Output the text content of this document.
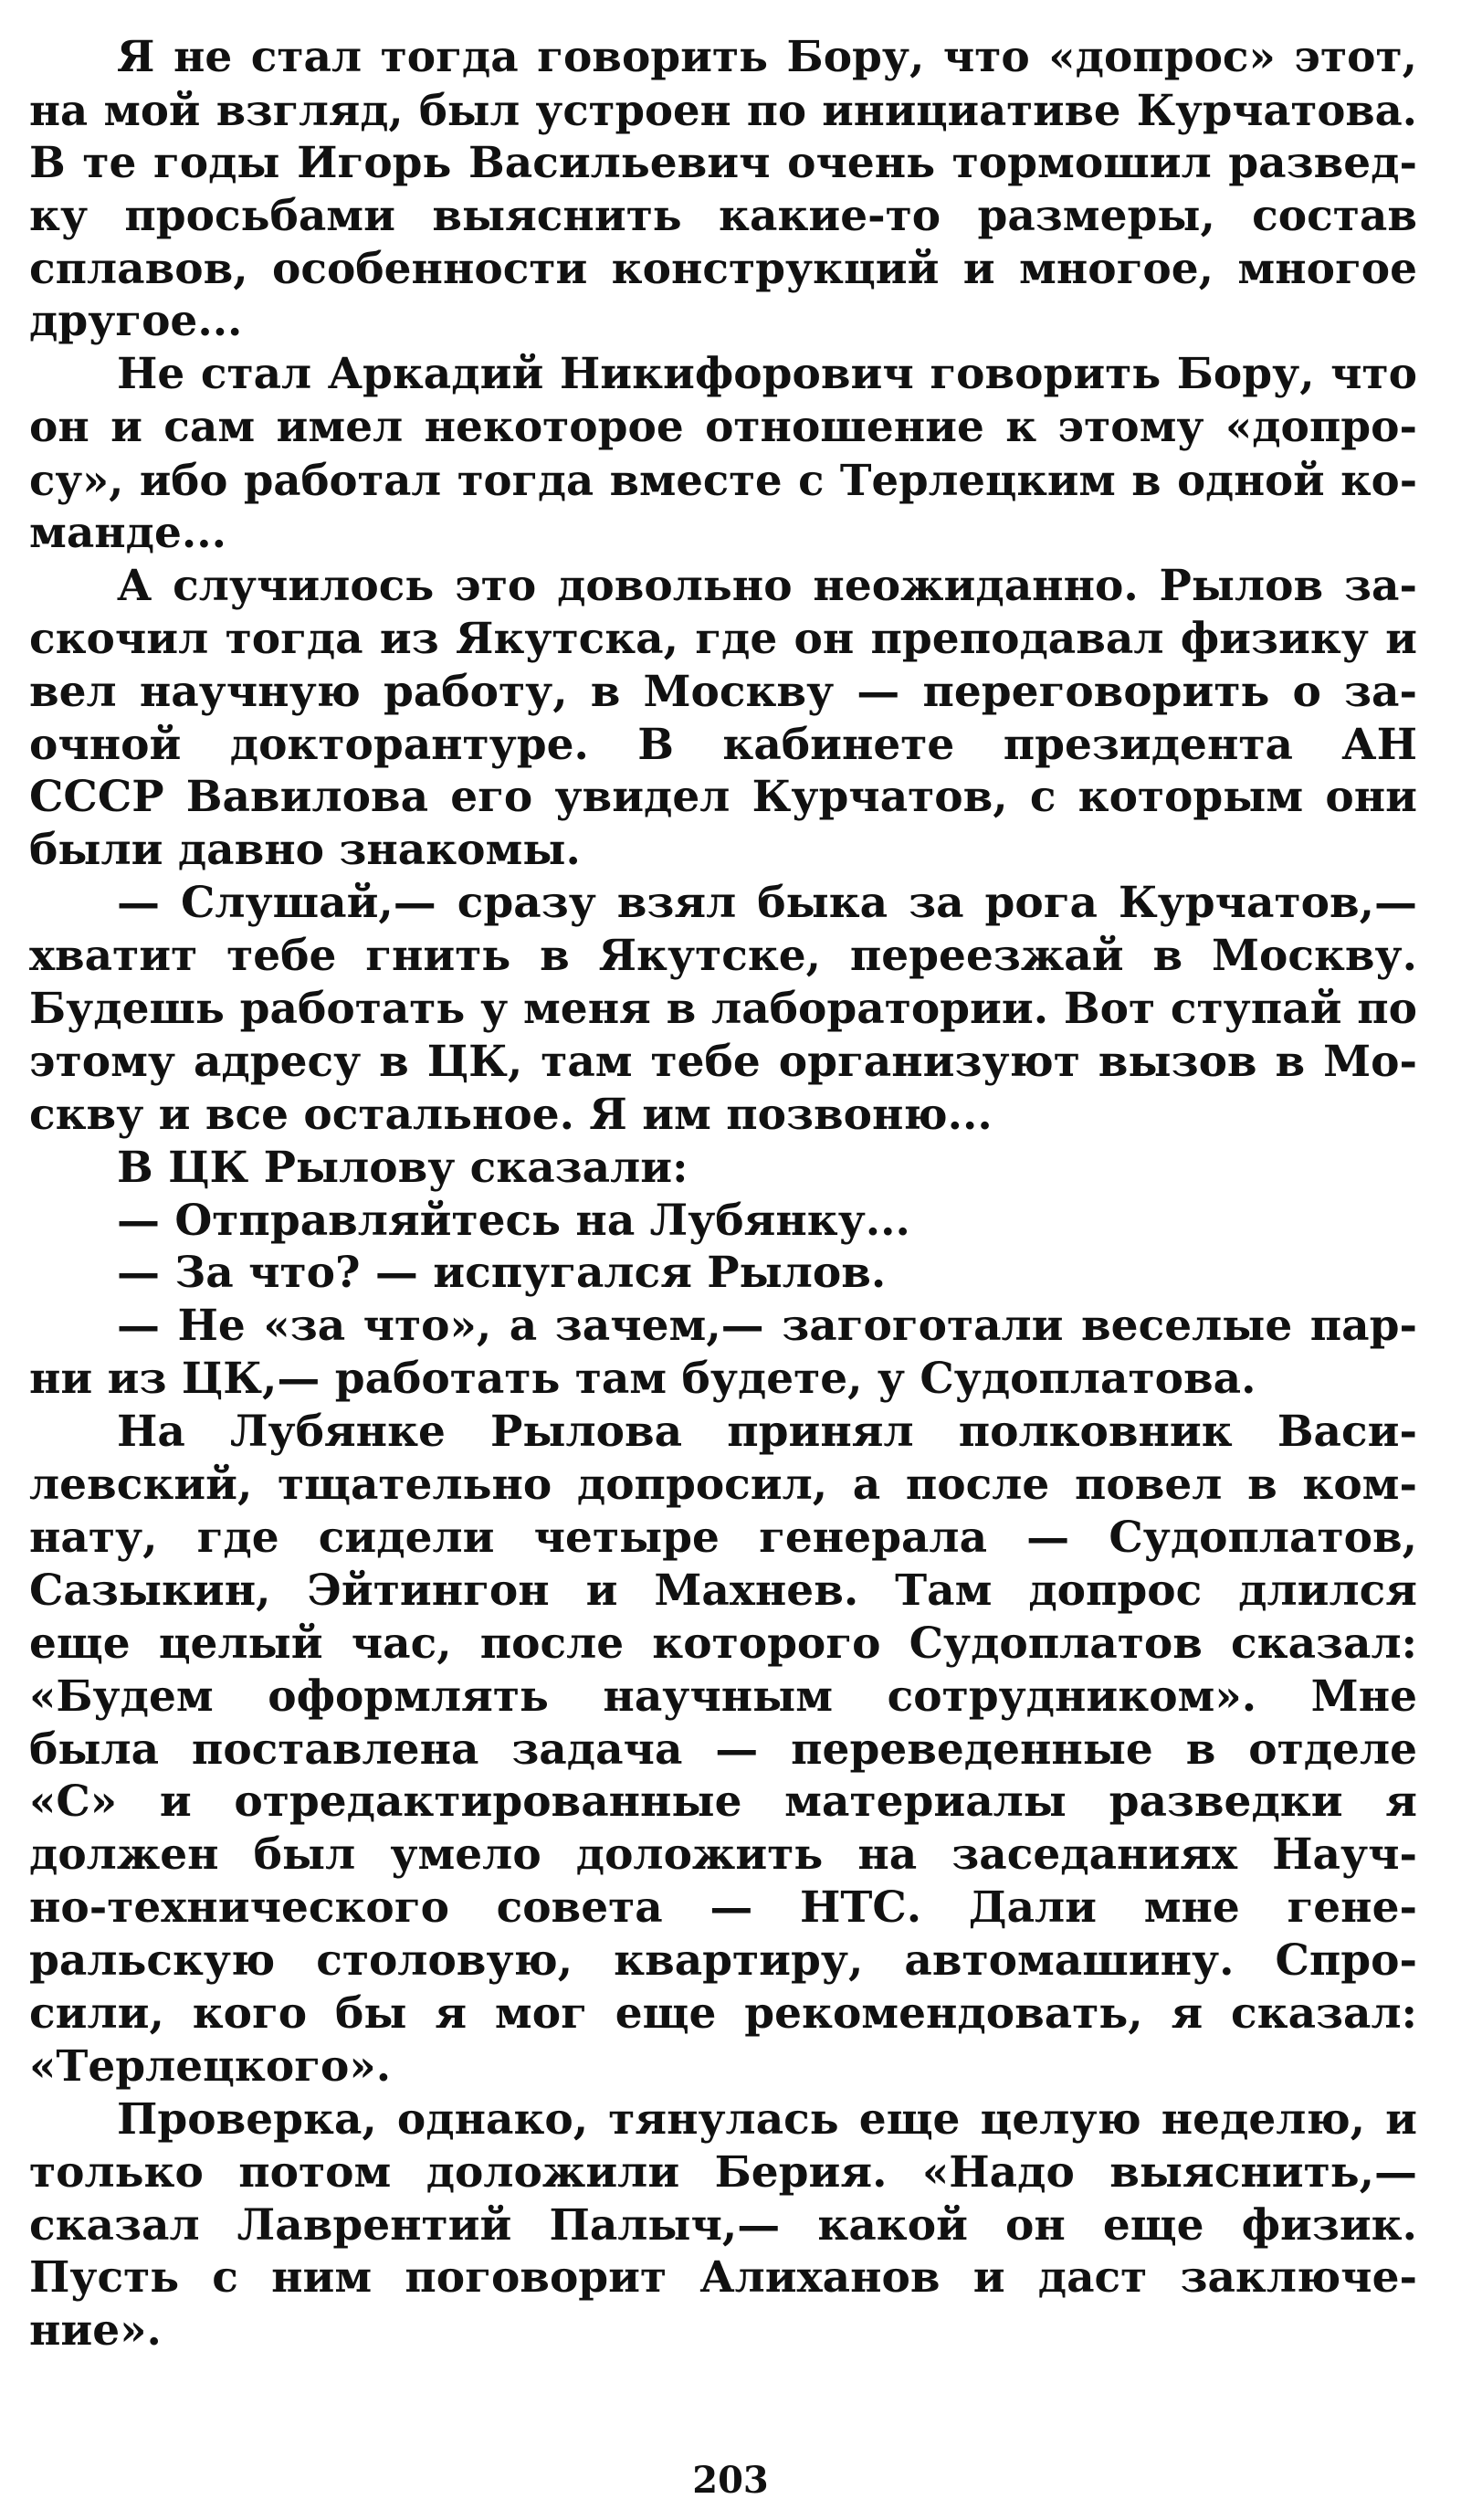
Я не стал тогда говорить Бору, что «допрос» этот,
на мой взгляд, был устроен по инициативе Курчатова.
В те годы Игорь Васильевич очень тормошил развед-
ку просьбами выяснить какие-то размеры, состав
сплавов, особенности конструкций и многое, многое
другое...
Не стал Аркадий Никифорович говорить Бору, что
он и сам имел некоторое отношение к этому «допро-
су», ибо работал тогда вместе с Терлецким в одной ко-
манде...
А случилось это довольно неожиданно. Рылов за-
скочил тогда из Якутска, где он преподавал физику и
вел научную работу, в Москву — переговорить о за-
очной докторантуре. В кабинете президента АН
СССР Вавилова его увидел Курчатов, с которым они
были давно знакомы.
— Слушай,— сразу взял быка за рога Курчатов,—
хватит тебе гнить в Якутске, переезжай в Москву.
Будешь работать у меня в лаборатории. Вот ступай по
этому адресу в ЦК, там тебе организуют вызов в Мо-
скву и все остальное. Я им позвоню...
В ЦК Рылову сказали:
— Отправляйтесь на Лубянку...
— За что? — испугался Рылов.
— Не «за что», а зачем,— загоготали веселые пар-
ни из ЦК,— работать там будете, у Судоплатова.
На Лубянке Рылова принял полковник Васи-
левский, тщательно допросил, а после повел в ком-
нату, где сидели четыре генерала — Судоплатов,
Сазыкин, Эйтингон и Махнев. Там допрос длился
еще целый час, после которого Судоплатов сказал:
«Будем оформлять научным сотрудником». Мне
была поставлена задача — переведенные в отделе
«С» и отредактированные материалы разведки я
должен был умело доложить на заседаниях Науч-
но-технического совета — НТС. Дали мне гене-
ральскую столовую, квартиру, автомашину. Спро-
сили, кого бы я мог еще рекомендовать, я сказал:
«Терлецкого».
Проверка, однако, тянулась еще целую неделю, и
только потом доложили Берия. «Надо выяснить,—
сказал Лаврентий Палыч,— какой он еще физик.
Пусть с ним поговорит Алиханов и даст заключе-
ние».
203
